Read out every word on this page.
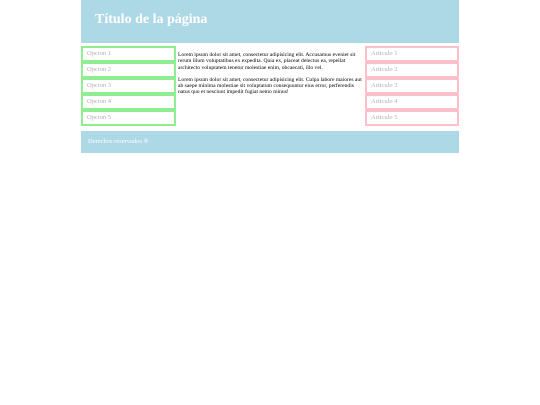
Título de la página
Opcion 1
Opcion 2
Opcion 3
Opcion 4
Opcion 5

Lorem ipsum dolor sit amet, consectetur adipisicing elit. Accusamus eveniet sit rerum illum voluptatibus ex expedita. Quia ex, placeat delectus ea, repellat architecto voluptatem tenetur molestiae enim, obcaecati, illo vel.

Lorem ipsum dolor sit amet, consectetur adipisicing elit. Culpa labore maiores aut ab saepe minima molestiae sit voluptatum consequuntur eius error, perferendis natus quo et nesciunt impedit fugiat nemo minus!

Articulo 1
Articulo 2
Articulo 3
Articulo 4
Articulo 5
Derechos reservados ®
